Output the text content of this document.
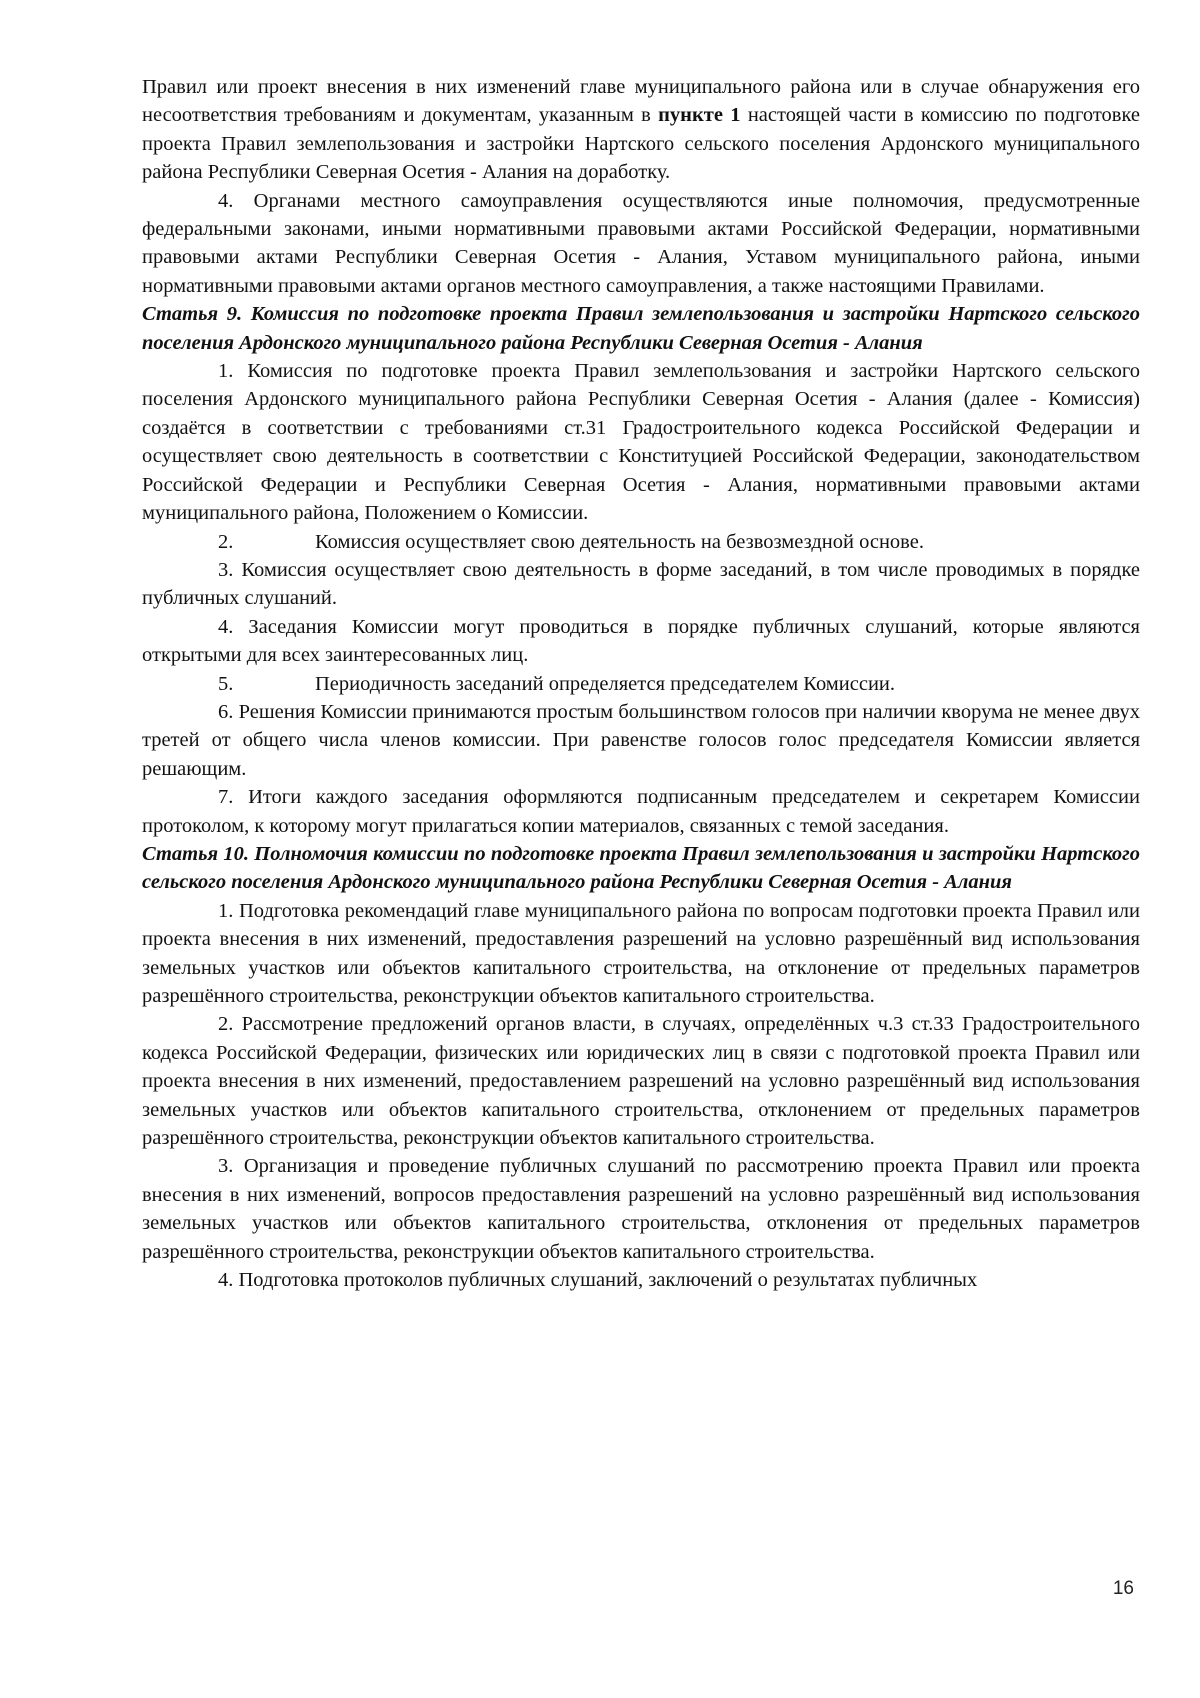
Правил или проект внесения в них изменений главе муниципального района или в случае обнаружения его несоответствия требованиям и документам, указанным в пункте 1 настоящей части в комиссию по подготовке проекта Правил землепользования и застройки Нартского сельского поселения Ардонского муниципального района Республики Северная Осетия - Алания на доработку.

4. Органами местного самоуправления осуществляются иные полномочия, предусмотренные федеральными законами, иными нормативными правовыми актами Российской Федерации, нормативными правовыми актами Республики Северная Осетия - Алания, Уставом муниципального района, иными нормативными правовыми актами органов местного самоуправления, а также настоящими Правилами.

Статья 9. Комиссия по подготовке проекта Правил землепользования и застройки Нартского сельского поселения Ардонского муниципального района Республики Северная Осетия - Алания

1. Комиссия по подготовке проекта Правил землепользования и застройки Нартского сельского поселения Ардонского муниципального района Республики Северная Осетия - Алания (далее - Комиссия) создаётся в соответствии с требованиями ст.31 Градостроительного кодекса Российской Федерации и осуществляет свою деятельность в соответствии с Конституцией Российской Федерации, законодательством Российской Федерации и Республики Северная Осетия - Алания, нормативными правовыми актами муниципального района, Положением о Комиссии.

2.	Комиссия осуществляет свою деятельность на безвозмездной основе.

3. Комиссия осуществляет свою деятельность в форме заседаний, в том числе проводимых в порядке публичных слушаний.

4. Заседания Комиссии могут проводиться в порядке публичных слушаний, которые являются открытыми для всех заинтересованных лиц.

5.	Периодичность заседаний определяется председателем Комиссии.

6. Решения Комиссии принимаются простым большинством голосов при наличии кворума не менее двух третей от общего числа членов комиссии. При равенстве голосов голос председателя Комиссии является решающим.

7. Итоги каждого заседания оформляются подписанным председателем и секретарем Комиссии протоколом, к которому могут прилагаться копии материалов, связанных с темой заседания.

Статья 10. Полномочия комиссии по подготовке проекта Правил землепользования и застройки Нартского сельского поселения Ардонского муниципального района Республики Северная Осетия - Алания

1. Подготовка рекомендаций главе муниципального района по вопросам подготовки проекта Правил или проекта внесения в них изменений, предоставления разрешений на условно разрешённый вид использования земельных участков или объектов капитального строительства, на отклонение от предельных параметров разрешённого строительства, реконструкции объектов капитального строительства.

2. Рассмотрение предложений органов власти, в случаях, определённых ч.3 ст.33 Градостроительного кодекса Российской Федерации, физических или юридических лиц в связи с подготовкой проекта Правил или проекта внесения в них изменений, предоставлением разрешений на условно разрешённый вид использования земельных участков или объектов капитального строительства, отклонением от предельных параметров разрешённого строительства, реконструкции объектов капитального строительства.

3. Организация и проведение публичных слушаний по рассмотрению проекта Правил или проекта внесения в них изменений, вопросов предоставления разрешений на условно разрешённый вид использования земельных участков или объектов капитального строительства, отклонения от предельных параметров разрешённого строительства, реконструкции объектов капитального строительства.

4. Подготовка протоколов публичных слушаний, заключений о результатах публичных

16
